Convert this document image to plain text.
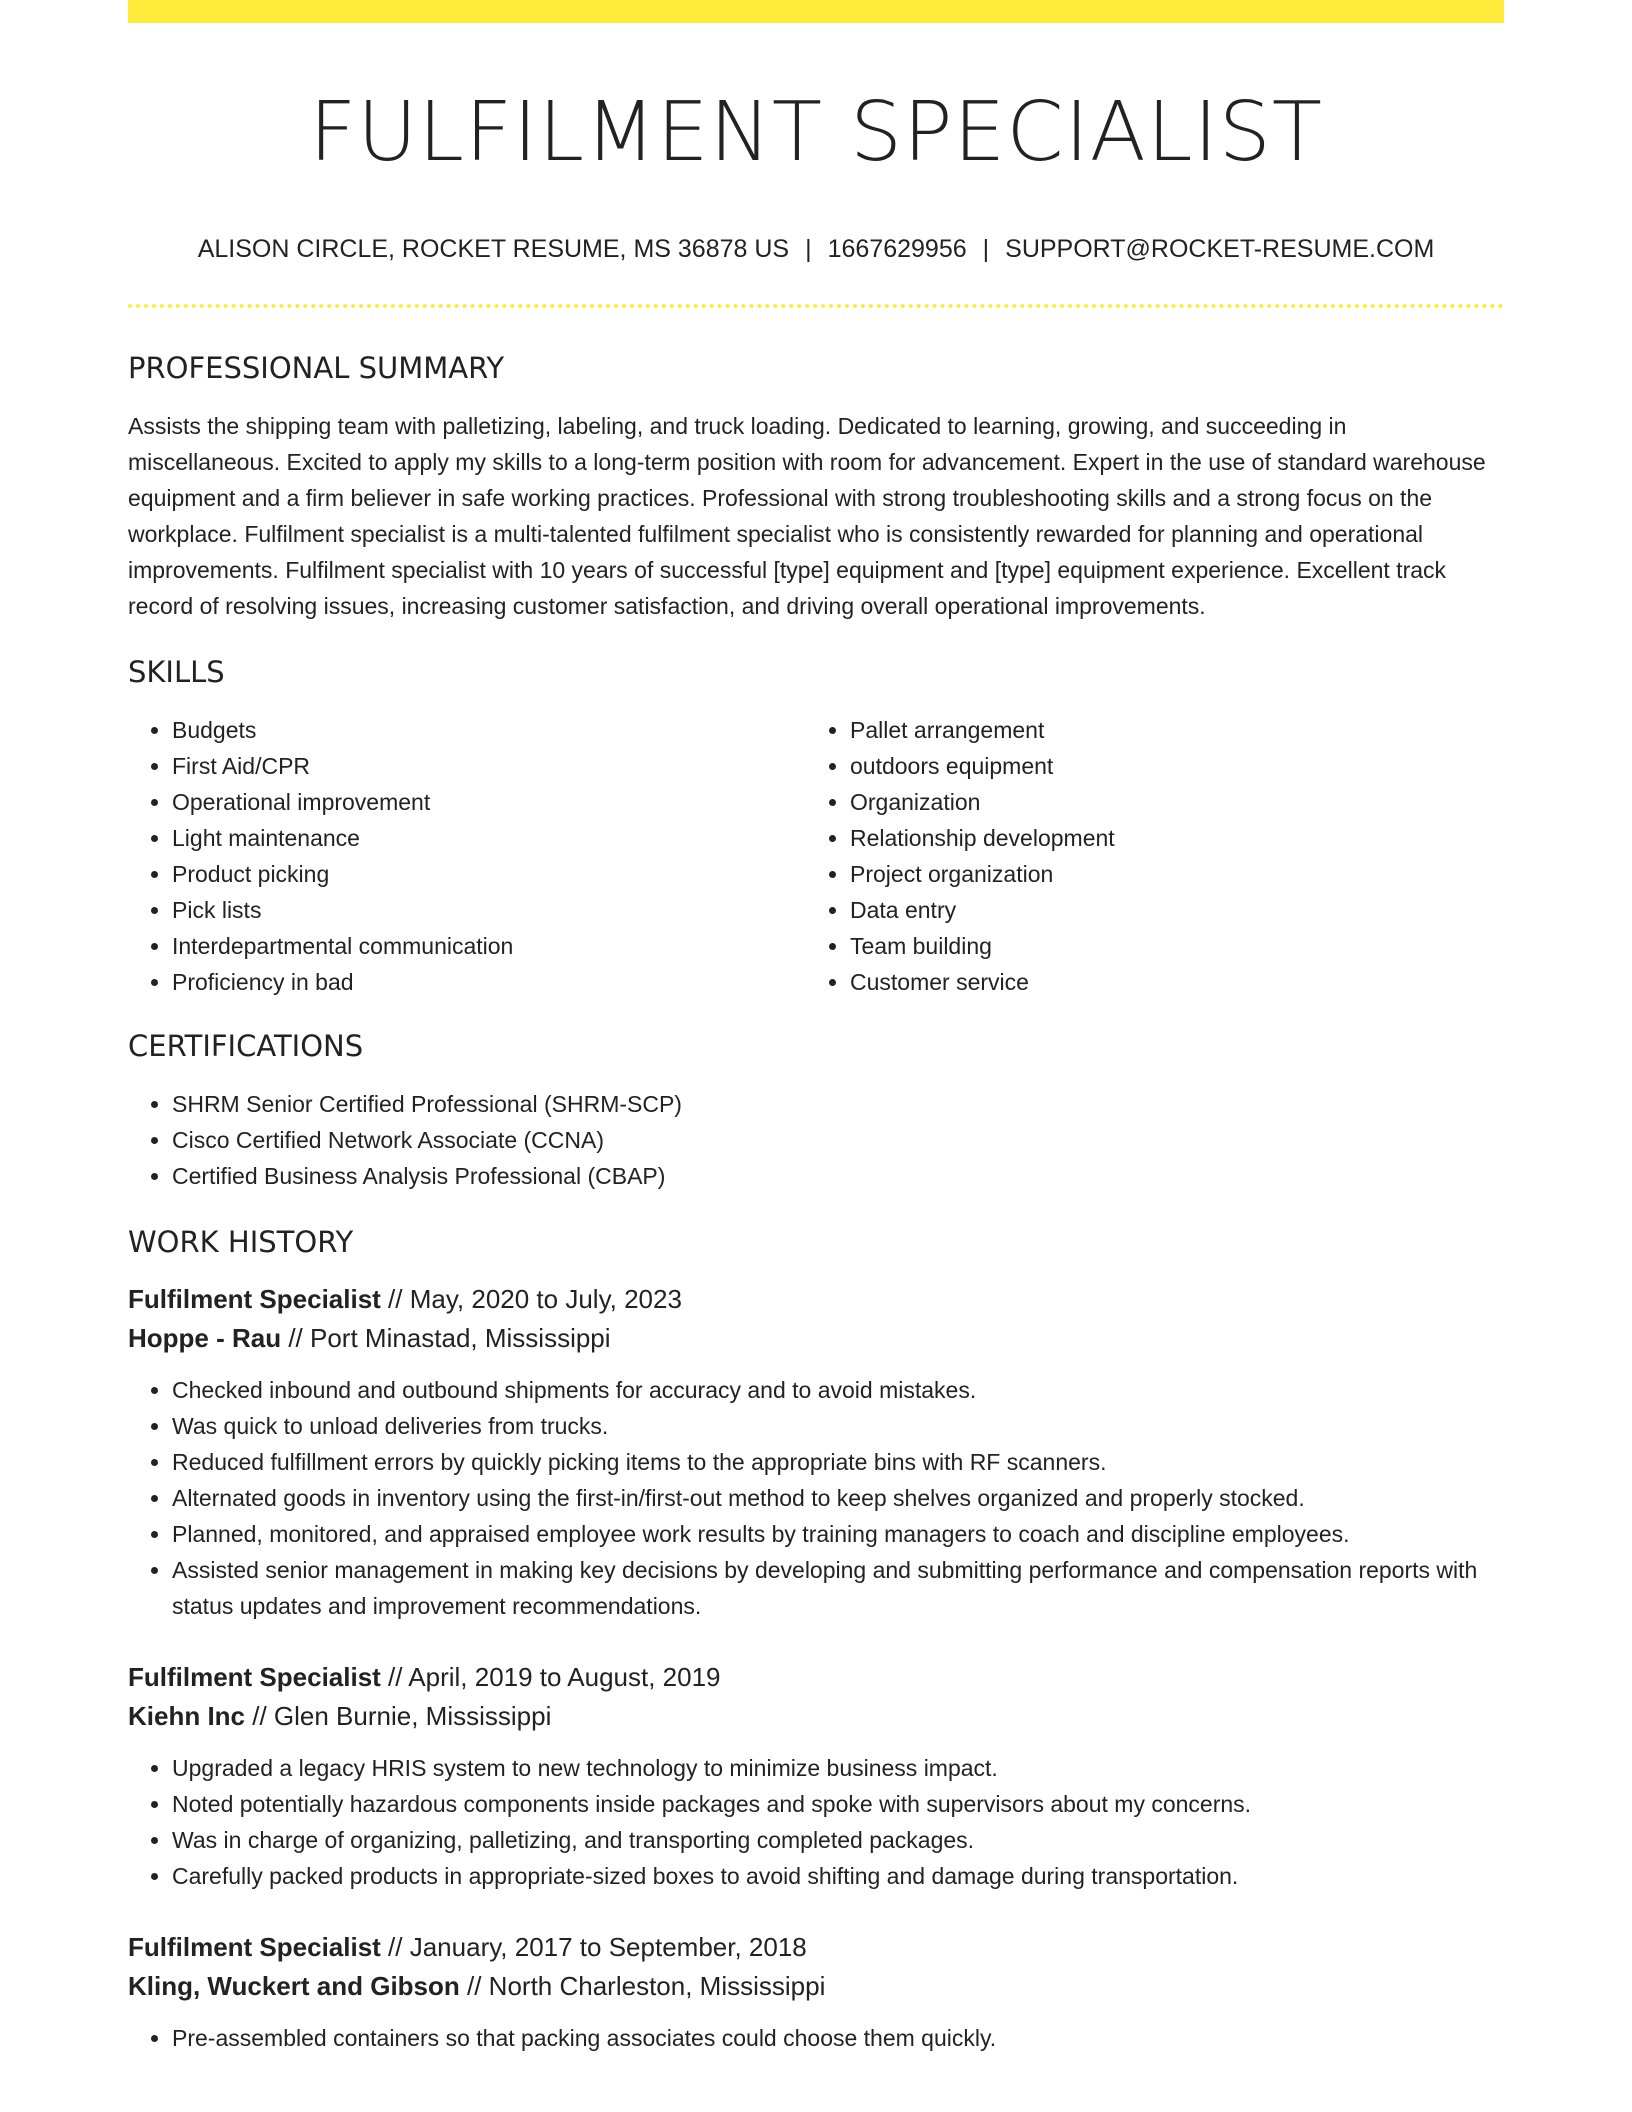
FULFILMENT SPECIALIST
ALISON CIRCLE, ROCKET RESUME, MS 36878 US | 1667629956 | SUPPORT@ROCKET-RESUME.COM
PROFESSIONAL SUMMARY
Assists the shipping team with palletizing, labeling, and truck loading. Dedicated to learning, growing, and succeeding in miscellaneous. Excited to apply my skills to a long-term position with room for advancement. Expert in the use of standard warehouse equipment and a firm believer in safe working practices. Professional with strong troubleshooting skills and a strong focus on the workplace. Fulfilment specialist is a multi-talented fulfilment specialist who is consistently rewarded for planning and operational improvements. Fulfilment specialist with 10 years of successful [type] equipment and [type] equipment experience. Excellent track record of resolving issues, increasing customer satisfaction, and driving overall operational improvements.
SKILLS
• Budgets
• First Aid/CPR
• Operational improvement
• Light maintenance
• Product picking
• Pick lists
• Interdepartmental communication
• Proficiency in bad
• Pallet arrangement
• outdoors equipment
• Organization
• Relationship development
• Project organization
• Data entry
• Team building
• Customer service
CERTIFICATIONS
• SHRM Senior Certified Professional (SHRM-SCP)
• Cisco Certified Network Associate (CCNA)
• Certified Business Analysis Professional (CBAP)
WORK HISTORY
Fulfilment Specialist // May, 2020 to July, 2023
Hoppe - Rau // Port Minastad, Mississippi
• Checked inbound and outbound shipments for accuracy and to avoid mistakes.
• Was quick to unload deliveries from trucks.
• Reduced fulfillment errors by quickly picking items to the appropriate bins with RF scanners.
• Alternated goods in inventory using the first-in/first-out method to keep shelves organized and properly stocked.
• Planned, monitored, and appraised employee work results by training managers to coach and discipline employees.
• Assisted senior management in making key decisions by developing and submitting performance and compensation reports with status updates and improvement recommendations.
Fulfilment Specialist // April, 2019 to August, 2019
Kiehn Inc // Glen Burnie, Mississippi
• Upgraded a legacy HRIS system to new technology to minimize business impact.
• Noted potentially hazardous components inside packages and spoke with supervisors about my concerns.
• Was in charge of organizing, palletizing, and transporting completed packages.
• Carefully packed products in appropriate-sized boxes to avoid shifting and damage during transportation.
Fulfilment Specialist // January, 2017 to September, 2018
Kling, Wuckert and Gibson // North Charleston, Mississippi
• Pre-assembled containers so that packing associates could choose them quickly.
